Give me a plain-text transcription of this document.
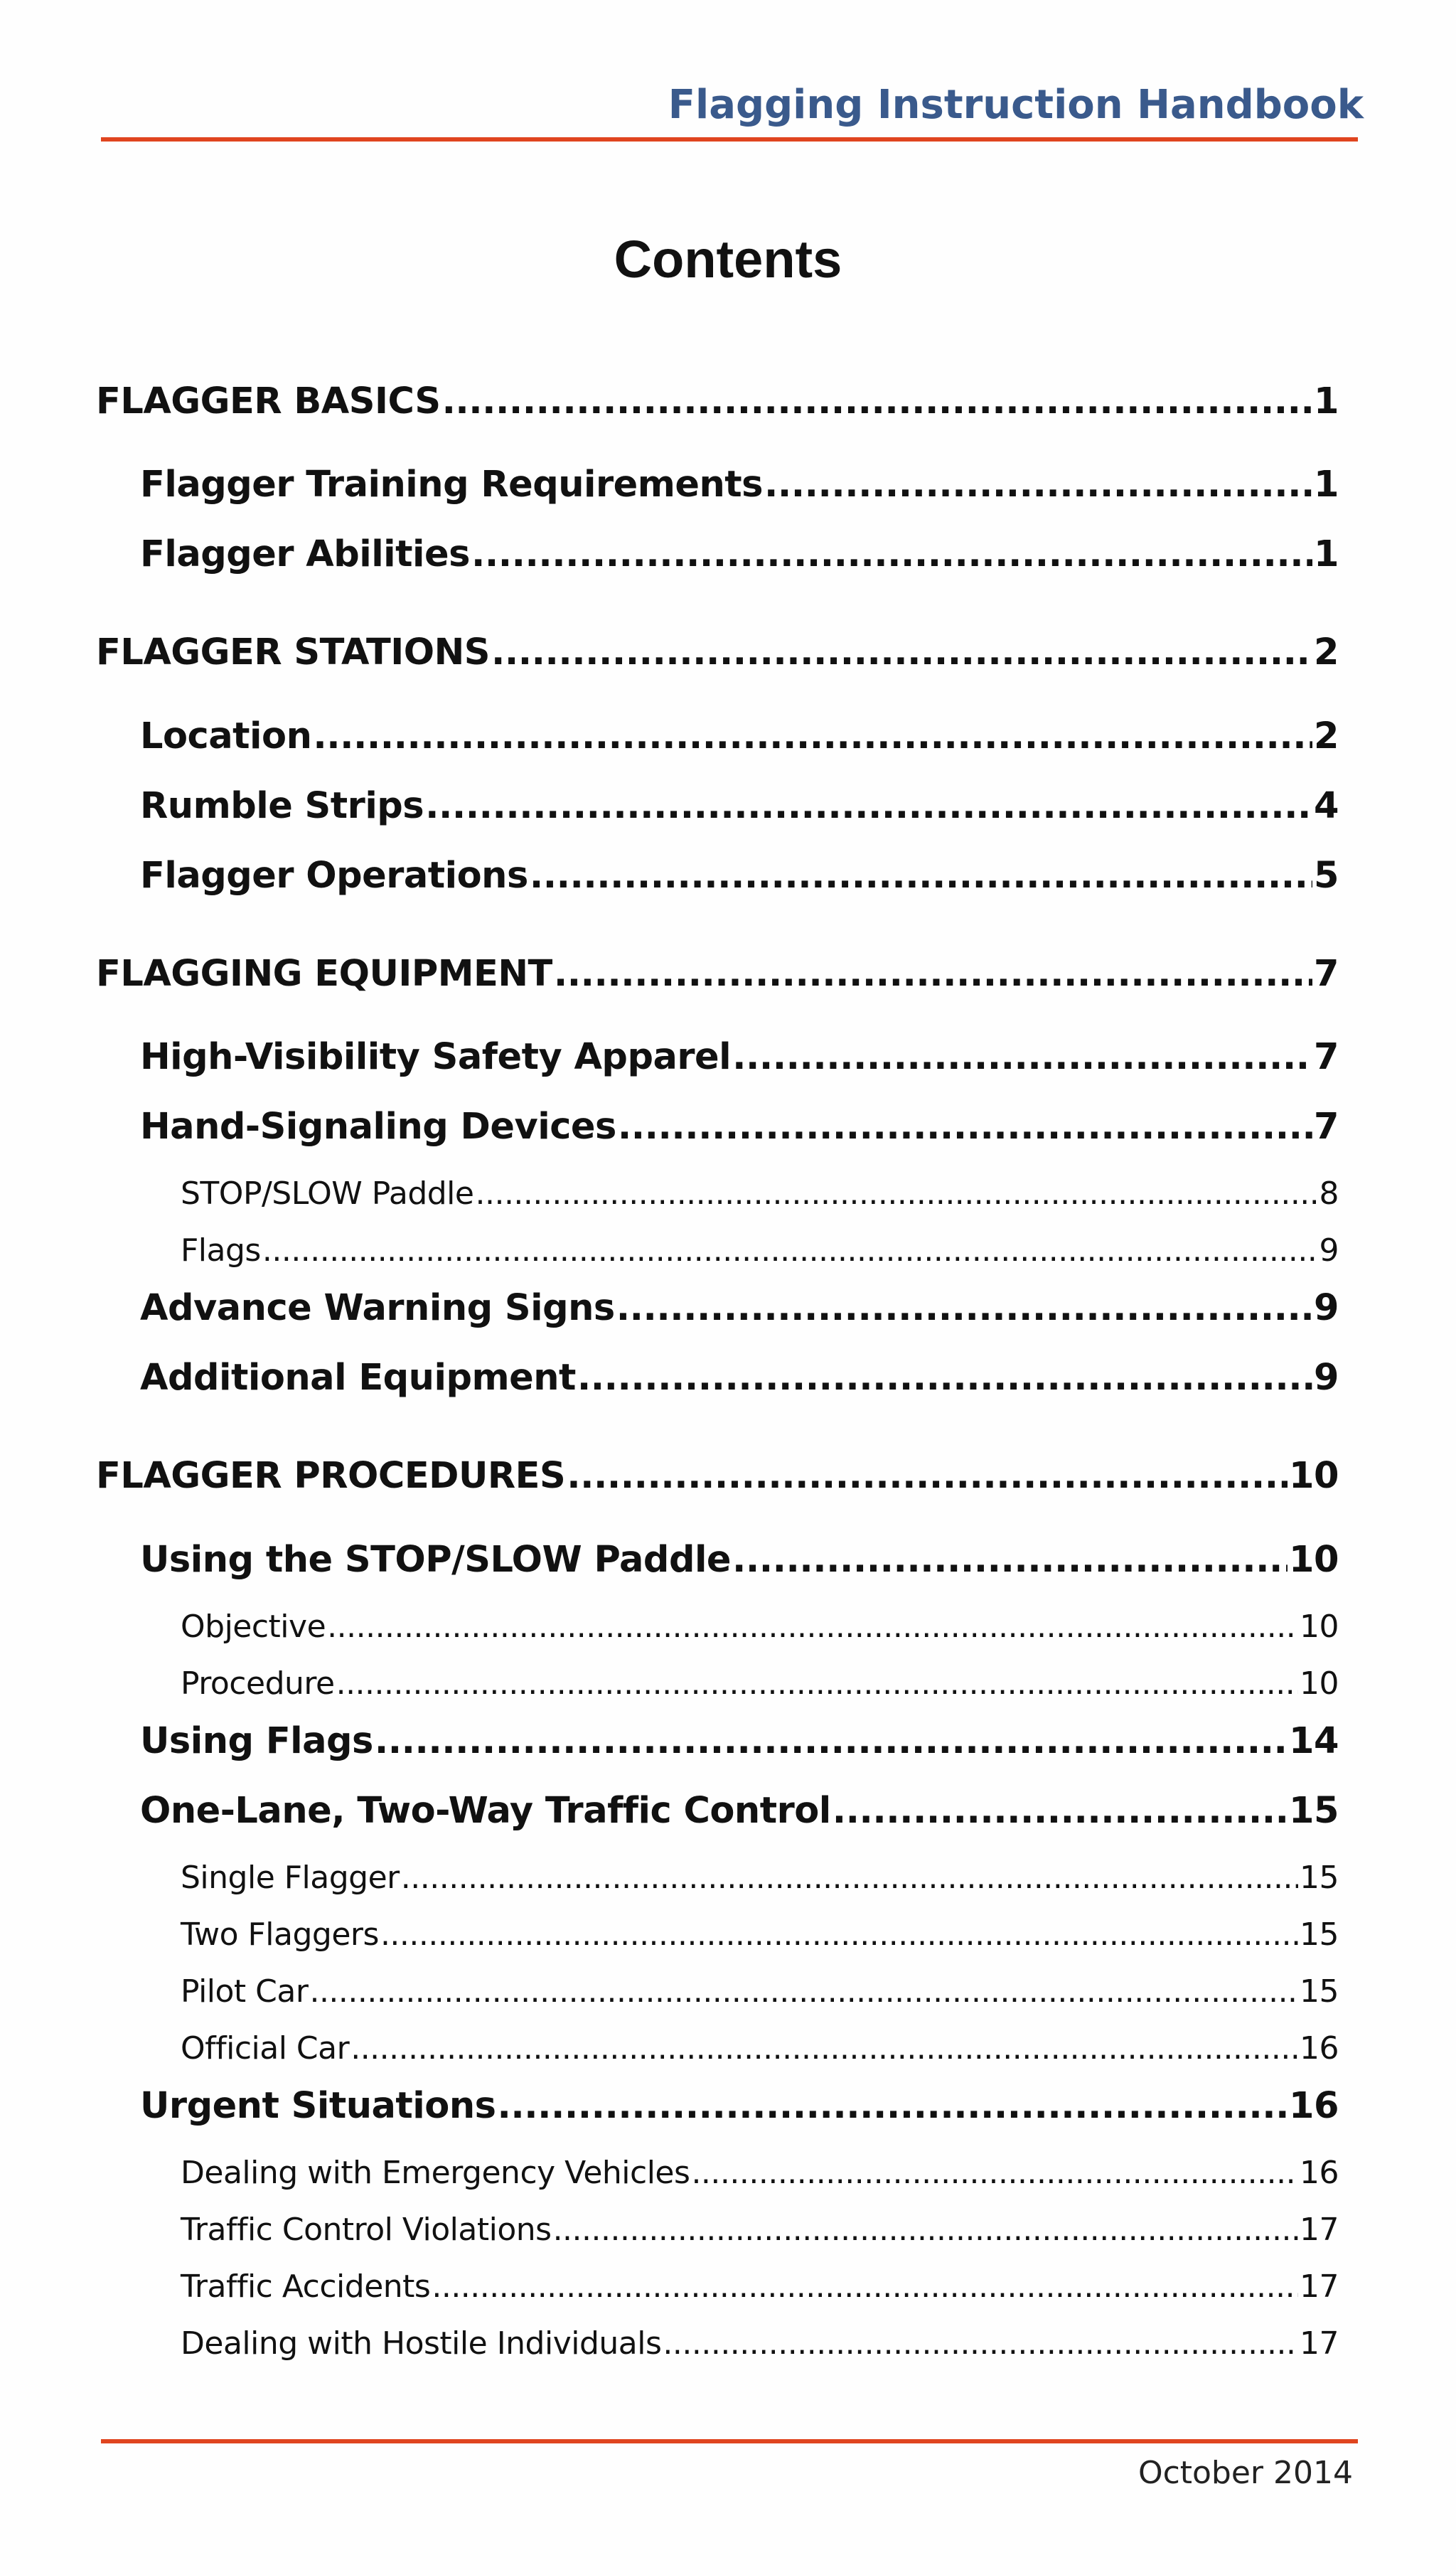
Flagging Instruction Handbook
Contents
FLAGGER BASICS .....	1
Flagger Training Requirements .....	1
Flagger Abilities .....	1
FLAGGER STATIONS .....	2
Location .....	2
Rumble Strips .....	4
Flagger Operations .....	5
FLAGGING EQUIPMENT .....	7
High-Visibility Safety Apparel .....	7
Hand-Signaling Devices .....	7
STOP/SLOW Paddle .....	8
Flags .....	9
Advance Warning Signs .....	9
Additional Equipment .....	9
FLAGGER PROCEDURES .....	10
Using the STOP/SLOW Paddle .....	10
Objective .....	10
Procedure .....	10
Using Flags .....	14
One-Lane, Two-Way Traffic Control .....	15
Single Flagger .....	15
Two Flaggers .....	15
Pilot Car .....	15
Official Car .....	16
Urgent Situations .....	16
Dealing with Emergency Vehicles .....	16
Traffic Control Violations .....	17
Traffic Accidents .....	17
Dealing with Hostile Individuals .....	17
October 2014
